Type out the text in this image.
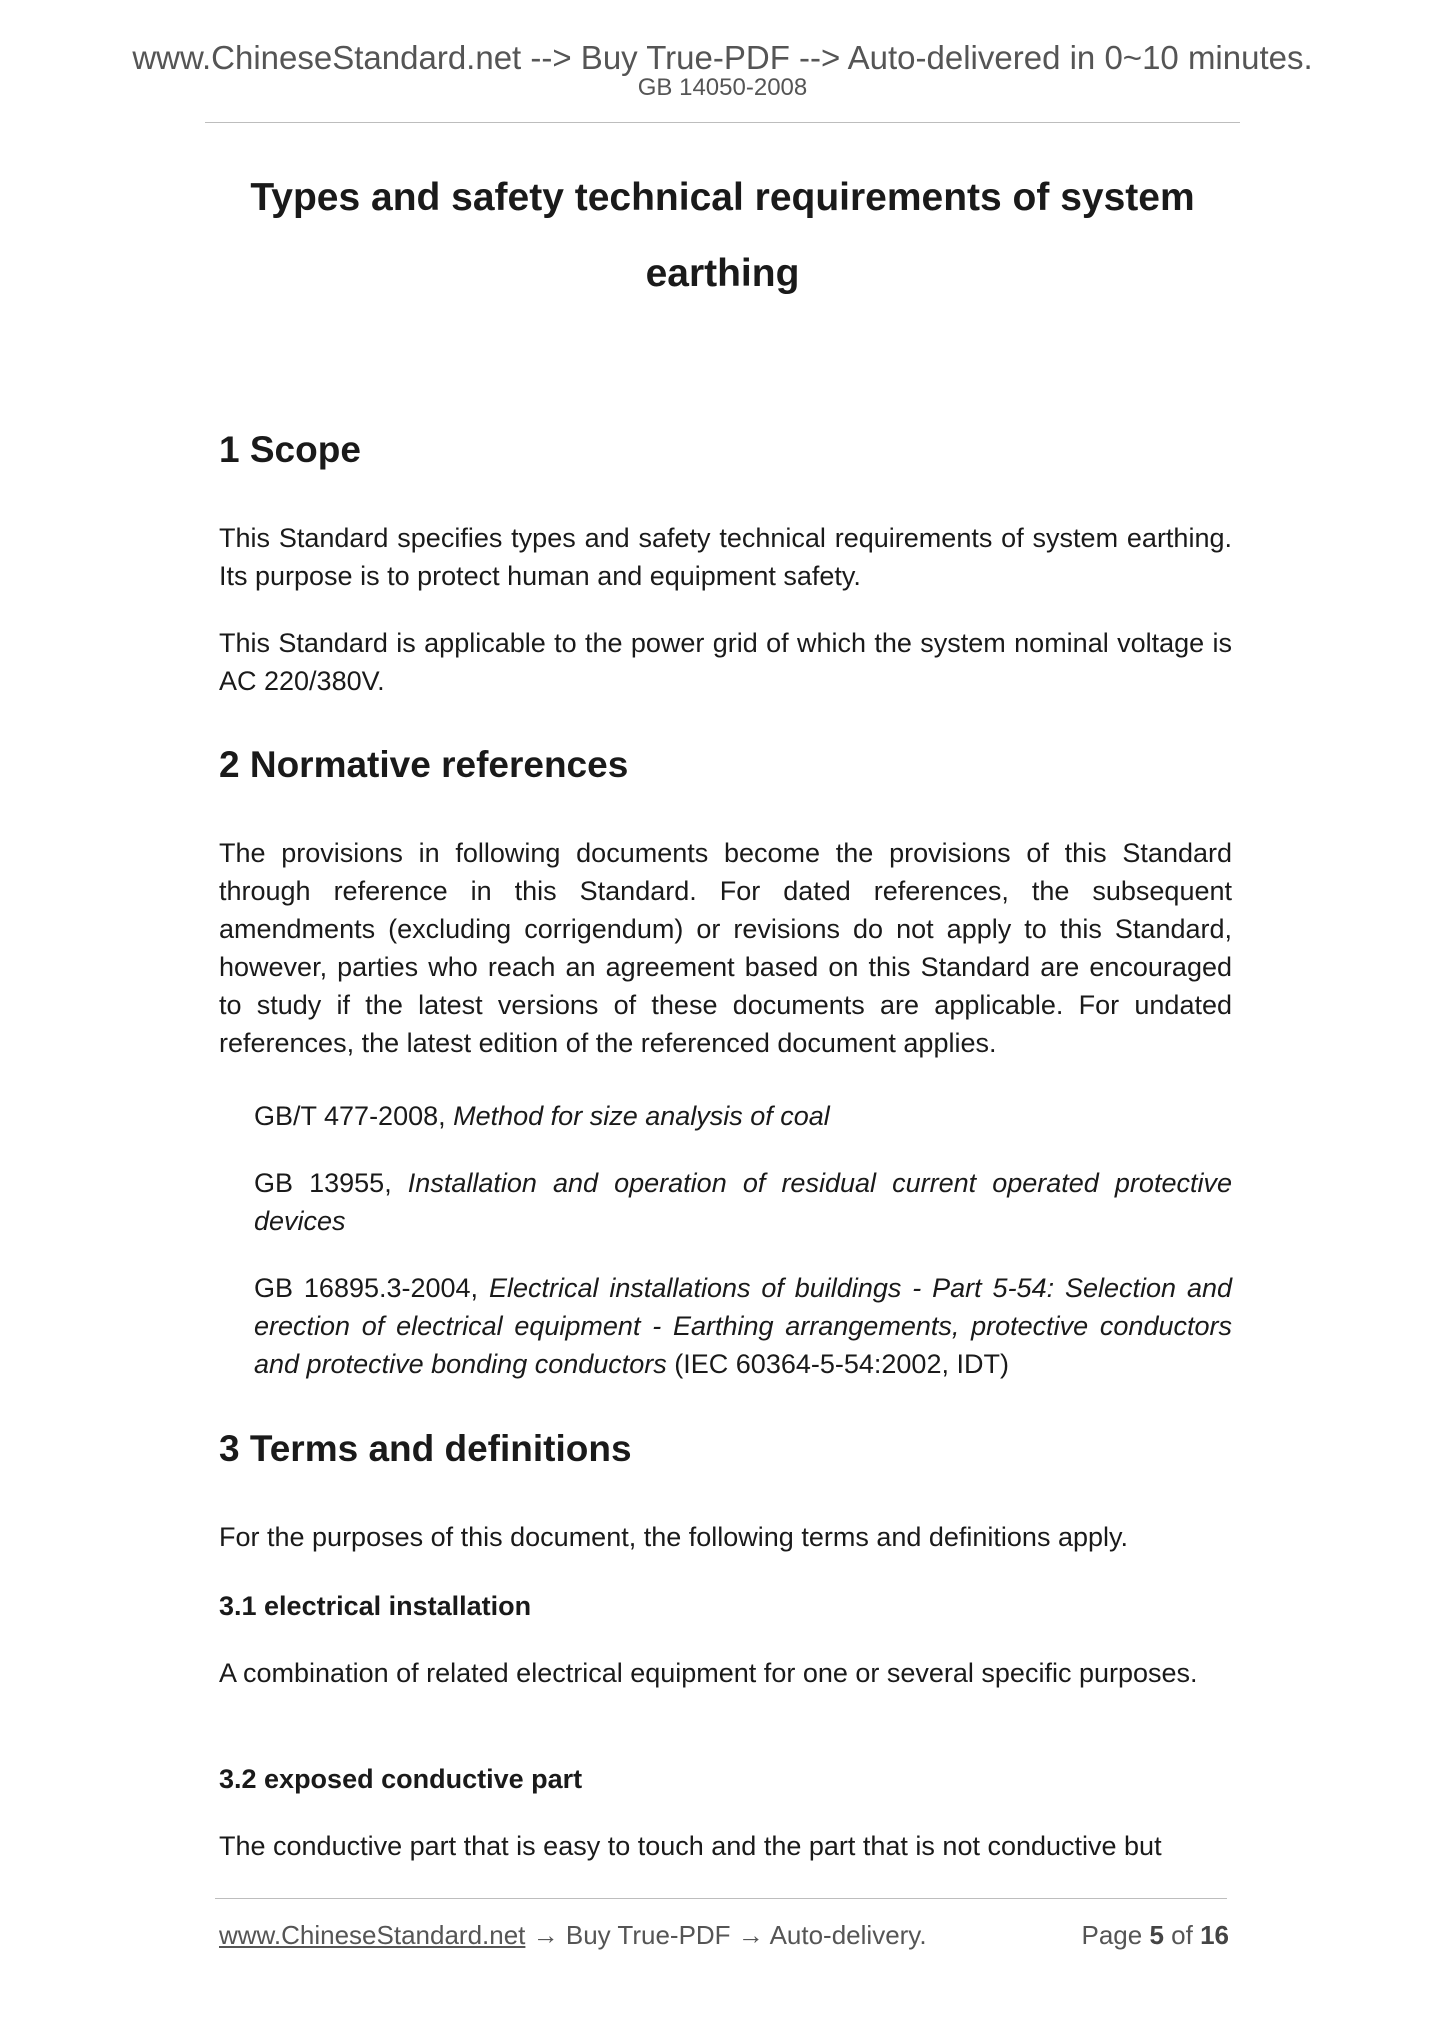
www.ChineseStandard.net --> Buy True-PDF --> Auto-delivered in 0~10 minutes.
GB 14050-2008
Types and safety technical requirements of system
earthing
1 Scope

This Standard specifies types and safety technical requirements of system earthing. Its purpose is to protect human and equipment safety.

This Standard is applicable to the power grid of which the system nominal voltage is AC 220/380V.

2 Normative references

The provisions in following documents become the provisions of this Standard through reference in this Standard. For dated references, the subsequent amendments (excluding corrigendum) or revisions do not apply to this Standard, however, parties who reach an agreement based on this Standard are encouraged to study if the latest versions of these documents are applicable. For undated references, the latest edition of the referenced document applies.

GB/T 477-2008, Method for size analysis of coal

GB 13955, Installation and operation of residual current operated protective devices

GB 16895.3-2004, Electrical installations of buildings - Part 5-54: Selection and erection of electrical equipment - Earthing arrangements, protective conductors and protective bonding conductors (IEC 60364-5-54:2002, IDT)

3 Terms and definitions

For the purposes of this document, the following terms and definitions apply.

3.1 electrical installation

A combination of related electrical equipment for one or several specific purposes.

3.2 exposed conductive part

The conductive part that is easy to touch and the part that is not conductive but

www.ChineseStandard.net → Buy True-PDF → Auto-delivery.	Page 5 of 16
